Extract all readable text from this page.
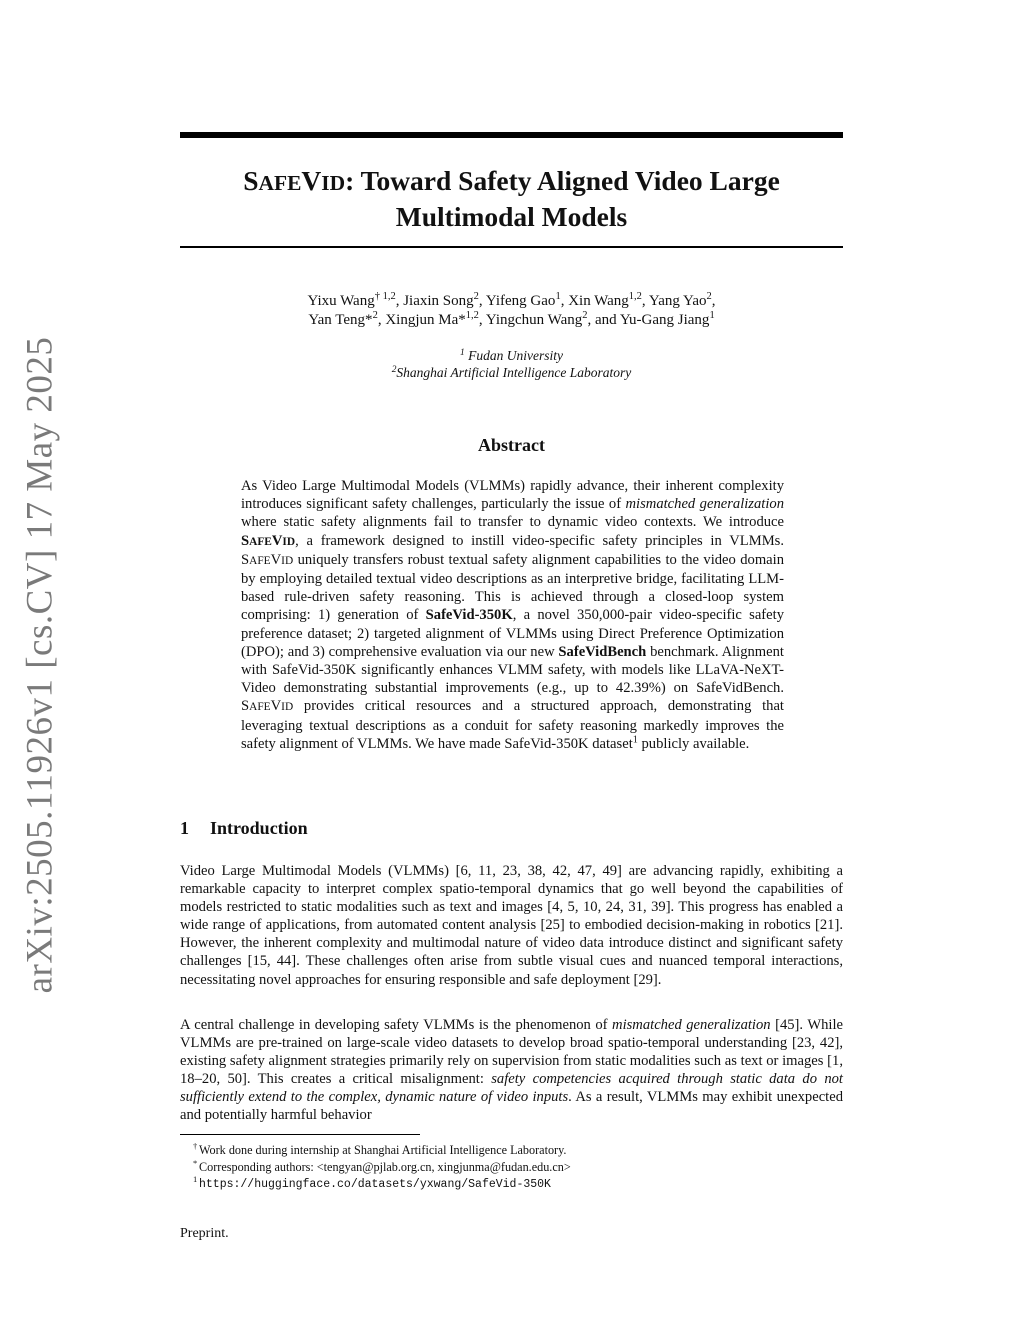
arXiv:2505.11926v1 [cs.CV] 17 May 2025
SAFEVID: Toward Safety Aligned Video Large
Multimodal Models
Yixu Wang$^{\dagger 1,2}$, Jiaxin Song$^2$, Yifeng Gao$^1$, Xin Wang$^{1,2}$, Yang Yao$^2$,
Yan Teng*$^2$, Xingjun Ma*$^{1,2}$, Yingchun Wang$^2$, and Yu-Gang Jiang$^1$
$^1$ Fudan University
$^2$Shanghai Artificial Intelligence Laboratory
Abstract
As Video Large Multimodal Models (VLMMs) rapidly advance, their inherent complexity introduces significant safety challenges, particularly the issue of mismatched generalization where static safety alignments fail to transfer to dynamic video contexts. We introduce SAFEVID, a framework designed to instill video-specific safety principles in VLMMs. SAFEVID uniquely transfers robust textual safety alignment capabilities to the video domain by employing detailed textual video descriptions as an interpretive bridge, facilitating LLM-based rule-driven safety reasoning. This is achieved through a closed-loop system comprising: 1) generation of SafeVid-350K, a novel 350,000-pair video-specific safety preference dataset; 2) targeted alignment of VLMMs using Direct Preference Optimization (DPO); and 3) comprehensive evaluation via our new SafeVidBench benchmark. Alignment with SafeVid-350K significantly enhances VLMM safety, with models like LLaVA-NeXT-Video demonstrating substantial improvements (e.g., up to 42.39%) on SafeVidBench. SAFEVID provides critical resources and a structured approach, demonstrating that leveraging textual descriptions as a conduit for safety reasoning markedly improves the safety alignment of VLMMs. We have made SafeVid-350K dataset$^1$ publicly available.
1 Introduction
Video Large Multimodal Models (VLMMs) [6, 11, 23, 38, 42, 47, 49] are advancing rapidly, exhibiting a remarkable capacity to interpret complex spatio-temporal dynamics that go well beyond the capabilities of models restricted to static modalities such as text and images [4, 5, 10, 24, 31, 39]. This progress has enabled a wide range of applications, from automated content analysis [25] to embodied decision-making in robotics [21]. However, the inherent complexity and multimodal nature of video data introduce distinct and significant safety challenges [15, 44]. These challenges often arise from subtle visual cues and nuanced temporal interactions, necessitating novel approaches for ensuring responsible and safe deployment [29].
A central challenge in developing safety VLMMs is the phenomenon of mismatched generalization [45]. While VLMMs are pre-trained on large-scale video datasets to develop broad spatio-temporal understanding [23, 42], existing safety alignment strategies primarily rely on supervision from static modalities such as text or images [1, 18–20, 50]. This creates a critical misalignment: safety competencies acquired through static data do not sufficiently extend to the complex, dynamic nature of video inputs. As a result, VLMMs may exhibit unexpected and potentially harmful behavior
† Work done during internship at Shanghai Artificial Intelligence Laboratory.
* Corresponding authors: <tengyan@pjlab.org.cn, xingjunma@fudan.edu.cn>
1 https://huggingface.co/datasets/yxwang/SafeVid-350K
Preprint.
